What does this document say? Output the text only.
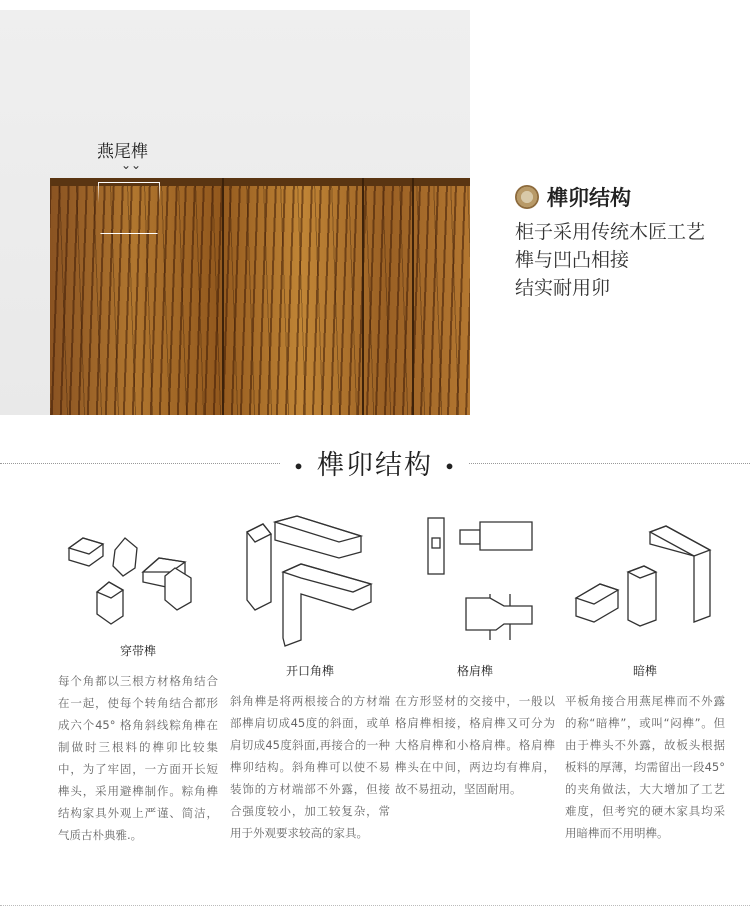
燕尾榫
⌄⌄
榫卯结构
柜子采用传统木匠工艺
榫与凹凸相接
结实耐用卯
• 榫卯结构 •
穿带榫
每个角都以三根方材格角结合在一起，使每个转角结合都形成六个45° 格角斜线粽角榫在制做时三根料的榫卯比较集中，为了牢固，一方面开长短榫头，采用避榫制作。粽角榫结构家具外观上严谨、简洁，气质古朴典雅.。
开口角榫
斜角榫是将两根接合的方材端部榫肩切成45度的斜面，或单肩切成45度斜面,再接合的一种榫卯结构。斜角榫可以使不易装饰的方材端部不外露，但接合强度较小，加工较复杂，常用于外观要求较高的家具。
格肩榫
在方形竖材的交接中，一般以格肩榫相接，格肩榫又可分为大格肩榫和小格肩榫。格肩榫榫头在中间，两边均有榫肩，故不易扭动，坚固耐用。
暗榫
平板角接合用燕尾榫而不外露的称“暗榫”，或叫“闷榫”。但由于榫头不外露，故板头根据板料的厚薄，均需留出一段45°的夹角做法，大大增加了工艺难度，但考究的硬木家具均采用暗榫而不用明榫。
